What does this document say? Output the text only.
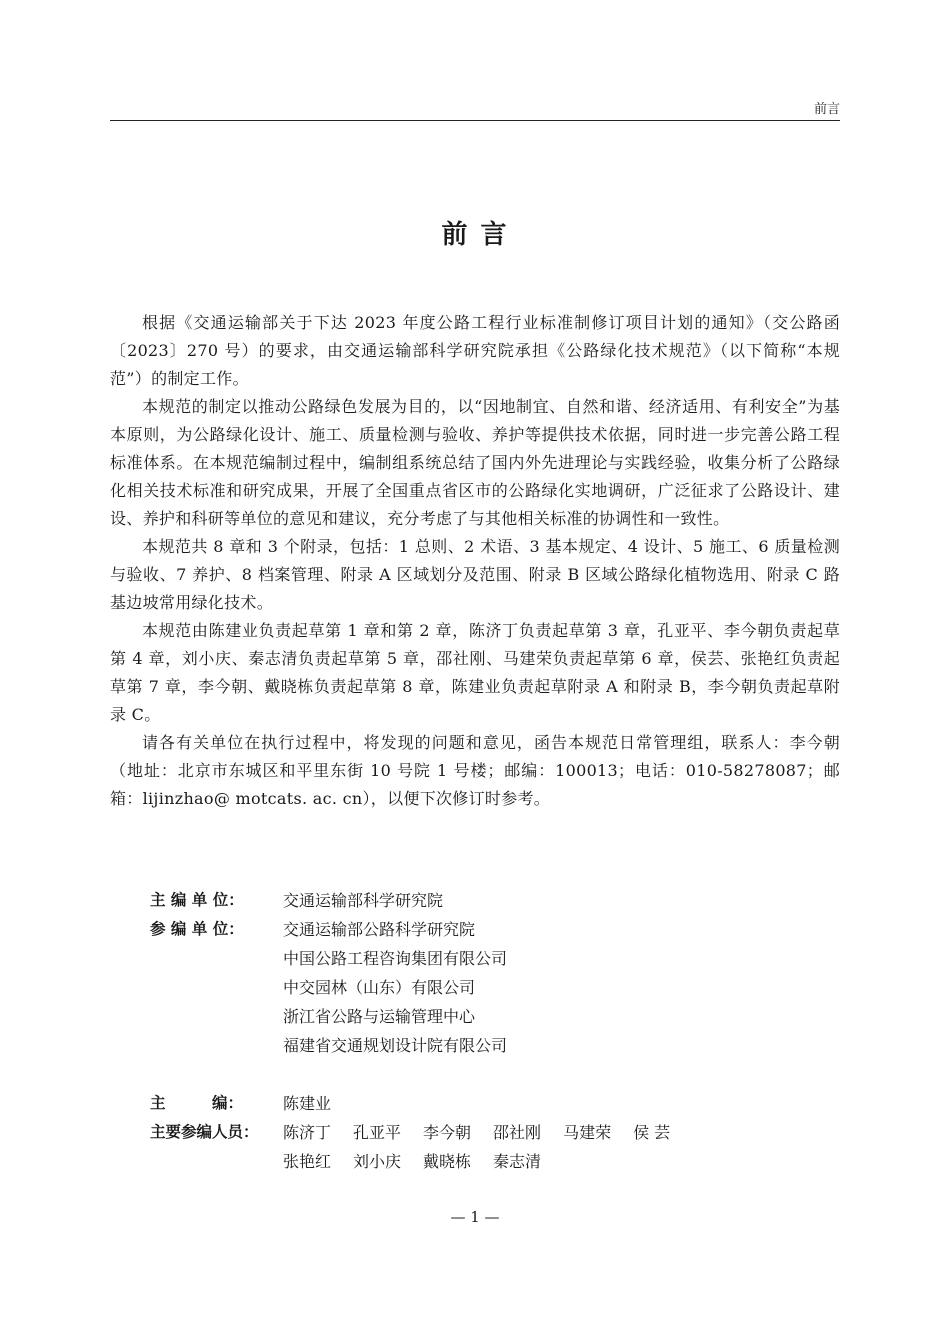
前言
前 言

根据《交通运输部关于下达 2023 年度公路工程行业标准制修订项目计划的通知》（交公路函〔2023〕270 号）的要求，由交通运输部科学研究院承担《公路绿化技术规范》（以下简称“本规范”）的制定工作。

本规范的制定以推动公路绿色发展为目的，以“因地制宜、自然和谐、经济适用、有利安全”为基本原则，为公路绿化设计、施工、质量检测与验收、养护等提供技术依据，同时进一步完善公路工程标准体系。在本规范编制过程中，编制组系统总结了国内外先进理论与实践经验，收集分析了公路绿化相关技术标准和研究成果，开展了全国重点省区市的公路绿化实地调研，广泛征求了公路设计、建设、养护和科研等单位的意见和建议，充分考虑了与其他相关标准的协调性和一致性。

本规范共 8 章和 3 个附录，包括：1 总则、2 术语、3 基本规定、4 设计、5 施工、6 质量检测与验收、7 养护、8 档案管理、附录 A 区域划分及范围、附录 B 区域公路绿化植物选用、附录 C 路基边坡常用绿化技术。

本规范由陈建业负责起草第 1 章和第 2 章，陈济丁负责起草第 3 章，孔亚平、李今朝负责起草第 4 章，刘小庆、秦志清负责起草第 5 章，邵社刚、马建荣负责起草第 6 章，侯芸、张艳红负责起草第 7 章，李今朝、戴晓栋负责起草第 8 章，陈建业负责起草附录 A 和附录 B，李今朝负责起草附录 C。

请各有关单位在执行过程中，将发现的问题和意见，函告本规范日常管理组，联系人：李今朝（地址：北京市东城区和平里东街 10 号院 1 号楼；邮编：100013；电话：010-58278087；邮箱：lijinzhao@ motcats. ac. cn），以便下次修订时参考。

主 编 单 位：	交通运输部科学研究院
参 编 单 位：	交通运输部公路科学研究院
中国公路工程咨询集团有限公司
中交园林（山东）有限公司
浙江省公路与运输管理中心
福建省交通规划设计院有限公司
主　　　编：	陈建业
主要参编人员：	陈济丁 孔亚平 李今朝 邵社刚 马建荣 侯 芸
张艳红 刘小庆 戴晓栋 秦志清
— 1 —
